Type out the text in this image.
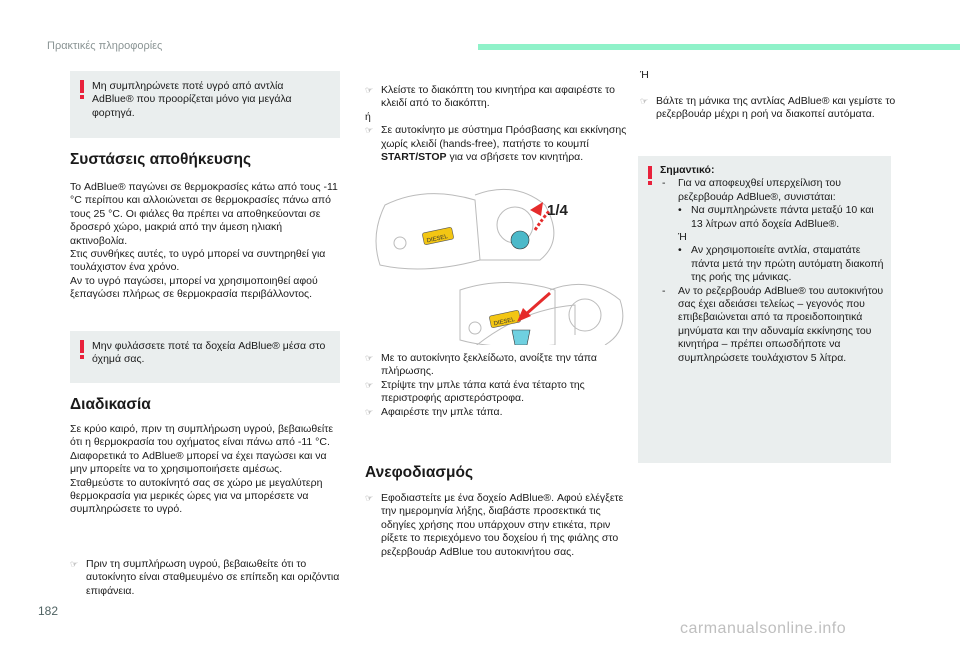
Πρακτικές πληροφορίες

Μη συμπληρώνετε ποτέ υγρό από αντλία AdBlue® που προορίζεται μόνο για μεγάλα φορτηγά.

Συστάσεις αποθήκευσης

Το AdBlue® παγώνει σε θερμοκρασίες κάτω από τους -11 °C περίπου και αλλοιώνεται σε θερμοκρασίες πάνω από τους 25 °C. Οι φιάλες θα πρέπει να αποθηκεύονται σε δροσερό χώρο, μακριά από την άμεση ηλιακή ακτινοβολία.

Στις συνθήκες αυτές, το υγρό μπορεί να συντηρηθεί για τουλάχιστον ένα χρόνο.

Αν το υγρό παγώσει, μπορεί να χρησιμοποιηθεί αφού ξεπαγώσει πλήρως σε θερμοκρασία περιβάλλοντος.

Μην φυλάσσετε ποτέ τα δοχεία AdBlue® μέσα στο όχημά σας.

Διαδικασία

Σε κρύο καιρό, πριν τη συμπλήρωση υγρού, βεβαιωθείτε ότι η θερμοκρασία του οχήματος είναι πάνω από -11 °C. Διαφορετικά το AdBlue® μπορεί να έχει παγώσει και να μην μπορείτε να το χρησιμοποιήσετε αμέσως.

Σταθμεύστε το αυτοκίνητό σας σε χώρο με μεγαλύτερη θερμοκρασία για μερικές ώρες για να μπορέσετε να συμπληρώσετε το υγρό.

☞ Πριν τη συμπλήρωση υγρού, βεβαιωθείτε ότι το αυτοκίνητο είναι σταθμευμένο σε επίπεδη και οριζόντια επιφάνεια.
☞ Κλείστε το διακόπτη του κινητήρα και αφαιρέστε το κλειδί από το διακόπτη.
ή
☞ Σε αυτοκίνητο με σύστημα Πρόσβασης και εκκίνησης χωρίς κλειδί (hands-free), πατήστε το κουμπί START/STOP για να σβήσετε τον κινητήρα.
DIESEL
DIESEL
1/4
☞ Με το αυτοκίνητο ξεκλείδωτο, ανοίξτε την τάπα πλήρωσης.
☞ Στρίψτε την μπλε τάπα κατά ένα τέταρτο της περιστροφής αριστερόστροφα.
☞ Αφαιρέστε την μπλε τάπα.
Ανεφοδιασμός
☞ Εφοδιαστείτε με ένα δοχείο AdBlue®. Αφού ελέγξετε την ημερομηνία λήξης, διαβάστε προσεκτικά τις οδηγίες χρήσης που υπάρχουν στην ετικέτα, πριν ρίξετε το περιεχόμενο του δοχείου ή της φιάλης στο ρεζερβουάρ AdBlue του αυτοκινήτου σας.
Ή
☞ Βάλτε τη μάνικα της αντλίας AdBlue® και γεμίστε το ρεζερβουάρ μέχρι η ροή να διακοπεί αυτόματα.
Σημαντικό:
- Για να αποφευχθεί υπερχείλιση του ρεζερβουάρ AdBlue®, συνιστάται:
• Να συμπληρώνετε πάντα μεταξύ 10 και 13 λίτρων από δοχεία AdBlue®.
Ή
• Αν χρησιμοποιείτε αντλία, σταματάτε πάντα μετά την πρώτη αυτόματη διακοπή της ροής της μάνικας.
- Αν το ρεζερβουάρ AdBlue® του αυτοκινήτου σας έχει αδειάσει τελείως – γεγονός που επιβεβαιώνεται από τα προειδοποιητικά μηνύματα και την αδυναμία εκκίνησης του κινητήρα – πρέπει οπωσδήποτε να συμπληρώσετε τουλάχιστον 5 λίτρα.
182
carmanualsonline.info
